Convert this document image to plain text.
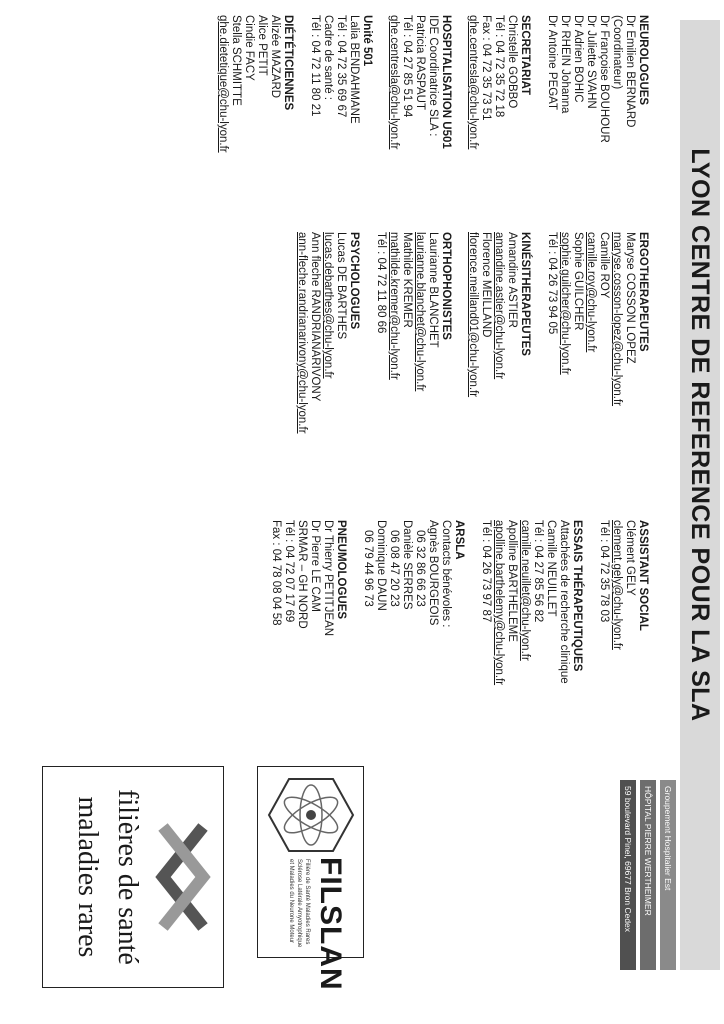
LYON CENTRE DE REFERENCE POUR LA SLA
NEUROLOGUES
Dr Emilien BERNARD
(Coordinateur)
Dr Françoise BOUHOUR
Dr Juliette SVAHN
Dr Adrien BOHIC
Dr RHEIN Johanna
Dr Antoine PEGAT
SECRETARIAT
Christelle GOBBO
Tél : 04 72 35 72 18
Fax : 04 72 35 73 51
ghe.centresla@chu-lyon.fr
HOSPITALISATION U501
IDE Coordinatrice SLA :
Patricia RASPAUT
Tél : 04 27 85 51 94
ghe.centresla@chu-lyon.fr
Unité 501
Lalia BENDAHMANE
Tél : 04 72 35 69 67
Cadre de santé :
Tél : 04 72 11 80 21
DIÉTÉTICIENNES
Alizée MAZARD
Alice PETIT
Cindie FACY
Stella SCHMITTE
ghe.dietetique@chu-lyon.fr
ERGOTHERAPEUTES
Maryse COSSON LOPEZ
maryse.cosson-lopez@chu-lyon.fr
Camille ROY
camille.roy@chu-lyon.fr
Sophie GUILCHER
sophie.guilcher@chu-lyon.fr
Tél : 04 26 73 94 05
KINÉSITHERAPEUTES
Amandine ASTIER
amandine.astier@chu-lyon.fr
Florence MEILLAND
florence.meilland01@chu-lyon.fr
ORTHOPHONISTES
Laurianne BLANCHET
laurianne.blanchet@chu-lyon.fr
Mathilde KREMER
mathilde.kremer@chu-lyon.fr
Tél : 04 72 11 80 66
PSYCHOLOGUES
Lucas DE BARTHES
lucas.debarthes@chu-lyon.fr
Ann fleche RANDRIANARIVONY
ann-fleche.randrianarivony@chu-lyon.fr
ASSISTANT SOCIAL
Clément GELY
clement.gely@chu-lyon.fr
Tél : 04 72 35 78 03
ESSAIS THÉRAPEUTIQUES
Attachées de recherche clinique
Camille NEUILLET
Tél : 04 27 85 56 82
camille.neuillet@chu-lyon.fr
Apolline BARTHELEME
apolline.barthelemy@chu-lyon.fr
Tél : 04 26 73 97 87
ARSLA
Contacts bénévoles :
Agnès BOURGEOIS
06 32 86 66 23
Danièle SERRES
06 08 47 20 23
Dominique DAUN
06 79 44 96 73
PNEUMOLOGUES
Dr Thierry PETITJEAN
Dr Pierre LE CAM
SRMAR – GH NORD
Tél : 04 72 07 17 69
Fax : 04 78 08 04 58
Groupement Hospitalier Est
HÔPITAL PIERRE WERTHEIMER
59 boulevard Pinel, 69677 Bron Cedex
FILSLAN
Filière de Santé Maladies Rares Sclérose Latérale Amyotrophique et Maladies du Neurone Moteur
filières de santé
maladies rares
